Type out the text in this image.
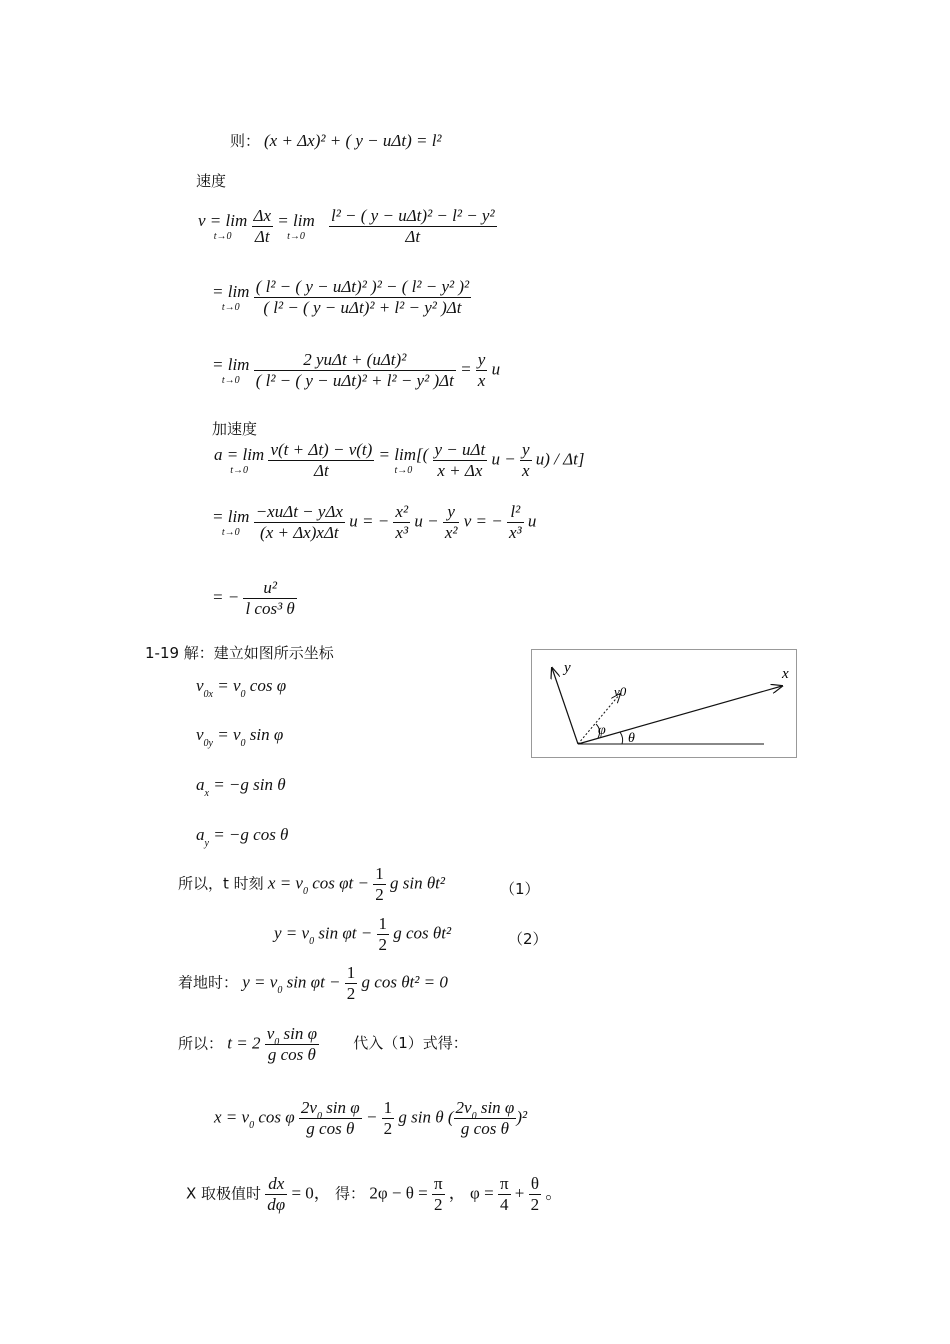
则： (x + Δx)² + ( y − uΔt) = l²
速度
v = lim
t→0
	$\frac{\Delta x}{\Delta t} = \lim$
t→0
	$\frac{\text{l² − ( y − uΔt)² − l² − y²}}{\Delta t}$
= lim
t→0
$\frac{\text{( l² − ( y − uΔt)² )² − ( l² − y² )²}}{\text{( l² − ( y − uΔt)² + l² − y² )Δt}}$
= lim
t→0
$\frac{\text{2 yuΔt + (uΔt)²}}{\text{( l² − ( y − uΔt)² + l² − y² )Δt}} = \frac{y}{x}$ u
加速度
a = lim
t→0
	$\frac{v(t + \Delta t) - v(t)}{\Delta t} = \lim$[(
t→0
	$\frac{\text{y − uΔt}}{x + \Delta x}$ $u - \frac{y}{x} u) / \Delta t$]
= lim
t→0
$\frac{\text{−xuΔt − yΔx}}{\text{(x + Δx)xΔt}}$ u = − $\frac{\text{x²}}{\text{x³}}$ $u - \frac{y}{\text{x²}}$ v = − $\frac{\text{l²}}{\text{x³}}$ u
= − $\frac{\text{u²}}{\text{l cos³ θ}}$
1-19 解：建立如图所示坐标
$v_{0x} = v_0$ cos φ
$v_{0y} = v_0$ sin φ
$a_x = -g$ sin θ
$a_y = -g$ cos θ
所以，t 时刻 $x = v_0$ $\cos \varphi t - \frac{1}{2}$ g sin θt²	（1）
$y = v_0$ $\sin \varphi t - \frac{1}{2}$ g cos θt²	（2）
着地时： $y = v_0$ $\sin \varphi t - \frac{1}{2}$ g cos θt² = 0
所以： $t = 2 \frac{v_0 \sin \varphi}{\text{g cos θ}}$ 代入（1）式得：
$x = v_0$ cos φ $\frac{2v_0 \sin \varphi}{\text{g cos θ}} - \frac{1}{2}$ g sin θ ( $\frac{2v_0 \sin \varphi}{\text{g cos θ}} )^2$
X 取极值时 $\frac{dx}{d\varphi} = 0$， 得： $2\varphi - \theta = \frac{\pi}{2}$ ， $\varphi = \frac{\pi}{4} + \frac{\theta}{2}$ 。
y	x
v0
φ
θ
